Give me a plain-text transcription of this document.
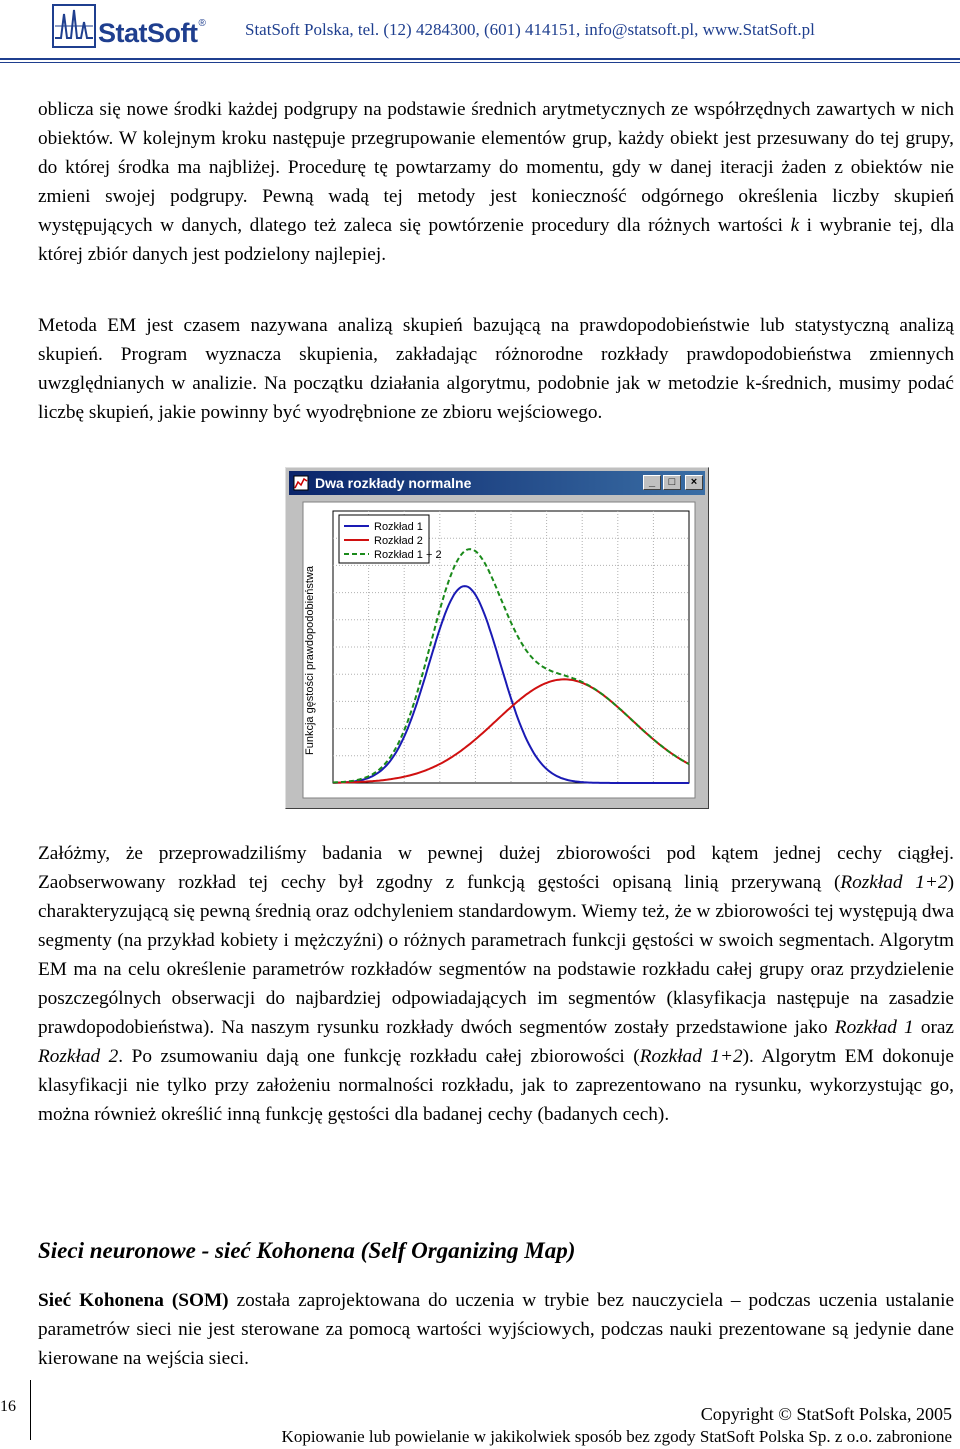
StatSoft® StatSoft Polska, tel. (12) 4284300, (601) 414151, info@statsoft.pl, www.StatSoft.pl

oblicza się nowe środki każdej podgrupy na podstawie średnich arytmetycznych ze współrzędnych zawartych w nich obiektów. W kolejnym kroku następuje przegrupowanie elementów grup, każdy obiekt jest przesuwany do tej grupy, do której środka ma najbliżej. Procedurę tę powtarzamy do momentu, gdy w danej iteracji żaden z obiektów nie zmieni swojej podgrupy. Pewną wadą tej metody jest konieczność odgórnego określenia liczby skupień występujących w danych, dlatego też zaleca się powtórzenie procedury dla różnych wartości k i wybranie tej, dla której zbiór danych jest podzielony najlepiej.

Metoda EM jest czasem nazywana analizą skupień bazującą na prawdopodobieństwie lub statystyczną analizą skupień. Program wyznacza skupienia, zakładając różnorodne rozkłady prawdopodobieństwa zmiennych uwzględnianych w analizie. Na początku działania algorytmu, podobnie jak w metodzie k-średnich, musimy podać liczbę skupień, jakie powinny być wyodrębnione ze zbioru wejściowego.

Dwa rozkłady normalne	_	□	×
Funkcja gęstości prawdopodobieństwa
Rozkład 1
Rozkład 2
Rozkład 1 + 2

Załóżmy, że przeprowadziliśmy badania w pewnej dużej zbiorowości pod kątem jednej cechy ciągłej. Zaobserwowany rozkład tej cechy był zgodny z funkcją gęstości opisaną linią przerywaną (Rozkład 1+2) charakteryzującą się pewną średnią oraz odchyleniem standardowym. Wiemy też, że w zbiorowości tej występują dwa segmenty (na przykład kobiety i mężczyźni) o różnych parametrach funkcji gęstości w swoich segmentach. Algorytm EM ma na celu określenie parametrów rozkładów segmentów na podstawie rozkładu całej grupy oraz przydzielenie poszczególnych obserwacji do najbardziej odpowiadających im segmentów (klasyfikacja następuje na zasadzie prawdopodobieństwa). Na naszym rysunku rozkłady dwóch segmentów zostały przedstawione jako Rozkład 1 oraz Rozkład 2. Po zsumowaniu dają one funkcję rozkładu całej zbiorowości (Rozkład 1+2). Algorytm EM dokonuje klasyfikacji nie tylko przy założeniu normalności rozkładu, jak to zaprezentowano na rysunku, wykorzystując go, można również określić inną funkcję gęstości dla badanej cechy (badanych cech).

Sieci neuronowe - sieć Kohonena (Self Organizing Map)

Sieć Kohonena (SOM) została zaprojektowana do uczenia w trybie bez nauczyciela – podczas uczenia ustalanie parametrów sieci nie jest sterowane za pomocą wartości wyjściowych, podczas nauki prezentowane są jedynie dane kierowane na wejścia sieci.

16	Copyright © StatSoft Polska, 2005
Kopiowanie lub powielanie w jakikolwiek sposób bez zgody StatSoft Polska Sp. z o.o. zabronione
